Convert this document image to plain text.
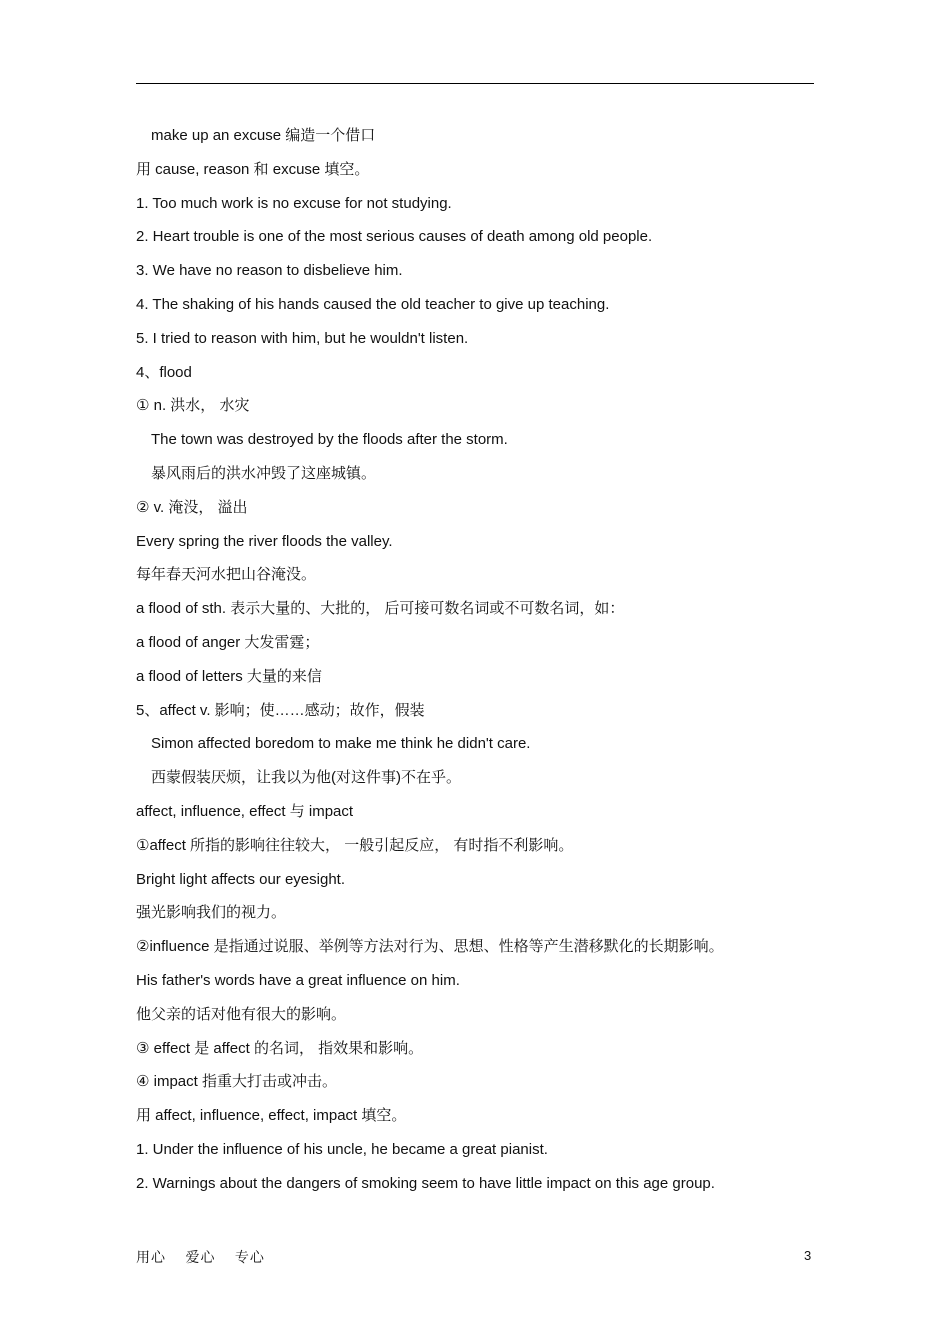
make up an excuse 编造一个借口
用 cause, reason 和 excuse 填空。
1. Too much work is no excuse for not studying.
2. Heart trouble is one of the most serious causes of death among old people.
3. We have no reason to disbelieve him.
4. The shaking of his hands caused the old teacher to give up teaching.
5. I tried to reason with him, but he wouldn't listen.
4、flood
① n. 洪水， 水灾
The town was destroyed by the floods after the storm.
暴风雨后的洪水冲毁了这座城镇。
② v. 淹没， 溢出
Every spring the river floods the valley.
每年春天河水把山谷淹没。
a flood of sth. 表示大量的、大批的， 后可接可数名词或不可数名词，如：
a flood of anger 大发雷霆；
a flood of letters 大量的来信
5、affect v. 影响；使……感动；故作，假装
Simon affected boredom to make me think he didn't care.
西蒙假装厌烦，让我以为他(对这件事)不在乎。
affect, influence, effect 与 impact
①affect 所指的影响往往较大， 一般引起反应， 有时指不利影响。
Bright light affects our eyesight.
强光影响我们的视力。
②influence 是指通过说服、举例等方法对行为、思想、性格等产生潜移默化的长期影响。
His father's words have a great influence on him.
他父亲的话对他有很大的影响。
③ effect 是 affect 的名词， 指效果和影响。
④ impact 指重大打击或冲击。
用 affect, influence, effect, impact 填空。
1. Under the influence of his uncle, he became a great pianist.
2. Warnings about the dangers of smoking seem to have little impact on this age group.
用心 爱心 专心	3
